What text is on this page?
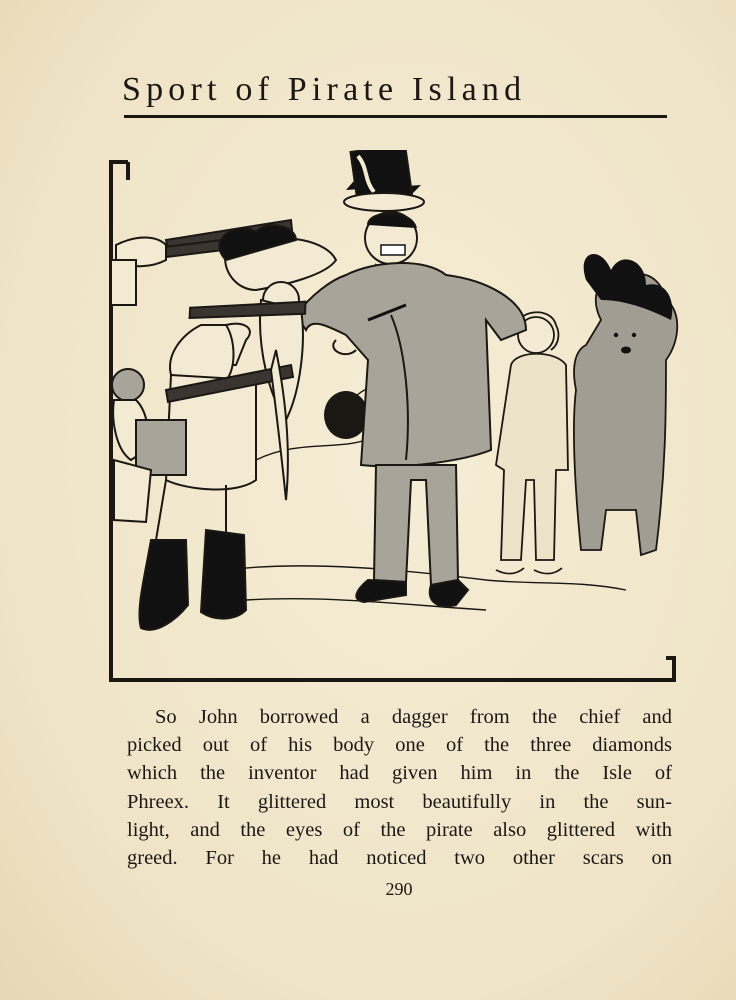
Sport of Pirate Island
So John borrowed a dagger from the chief and
picked out of his body one of the three diamonds
which the inventor had given him in the Isle of
Phreex. It glittered most beautifully in the sun-
light, and the eyes of the pirate also glittered with
greed. For he had noticed two other scars on
290
